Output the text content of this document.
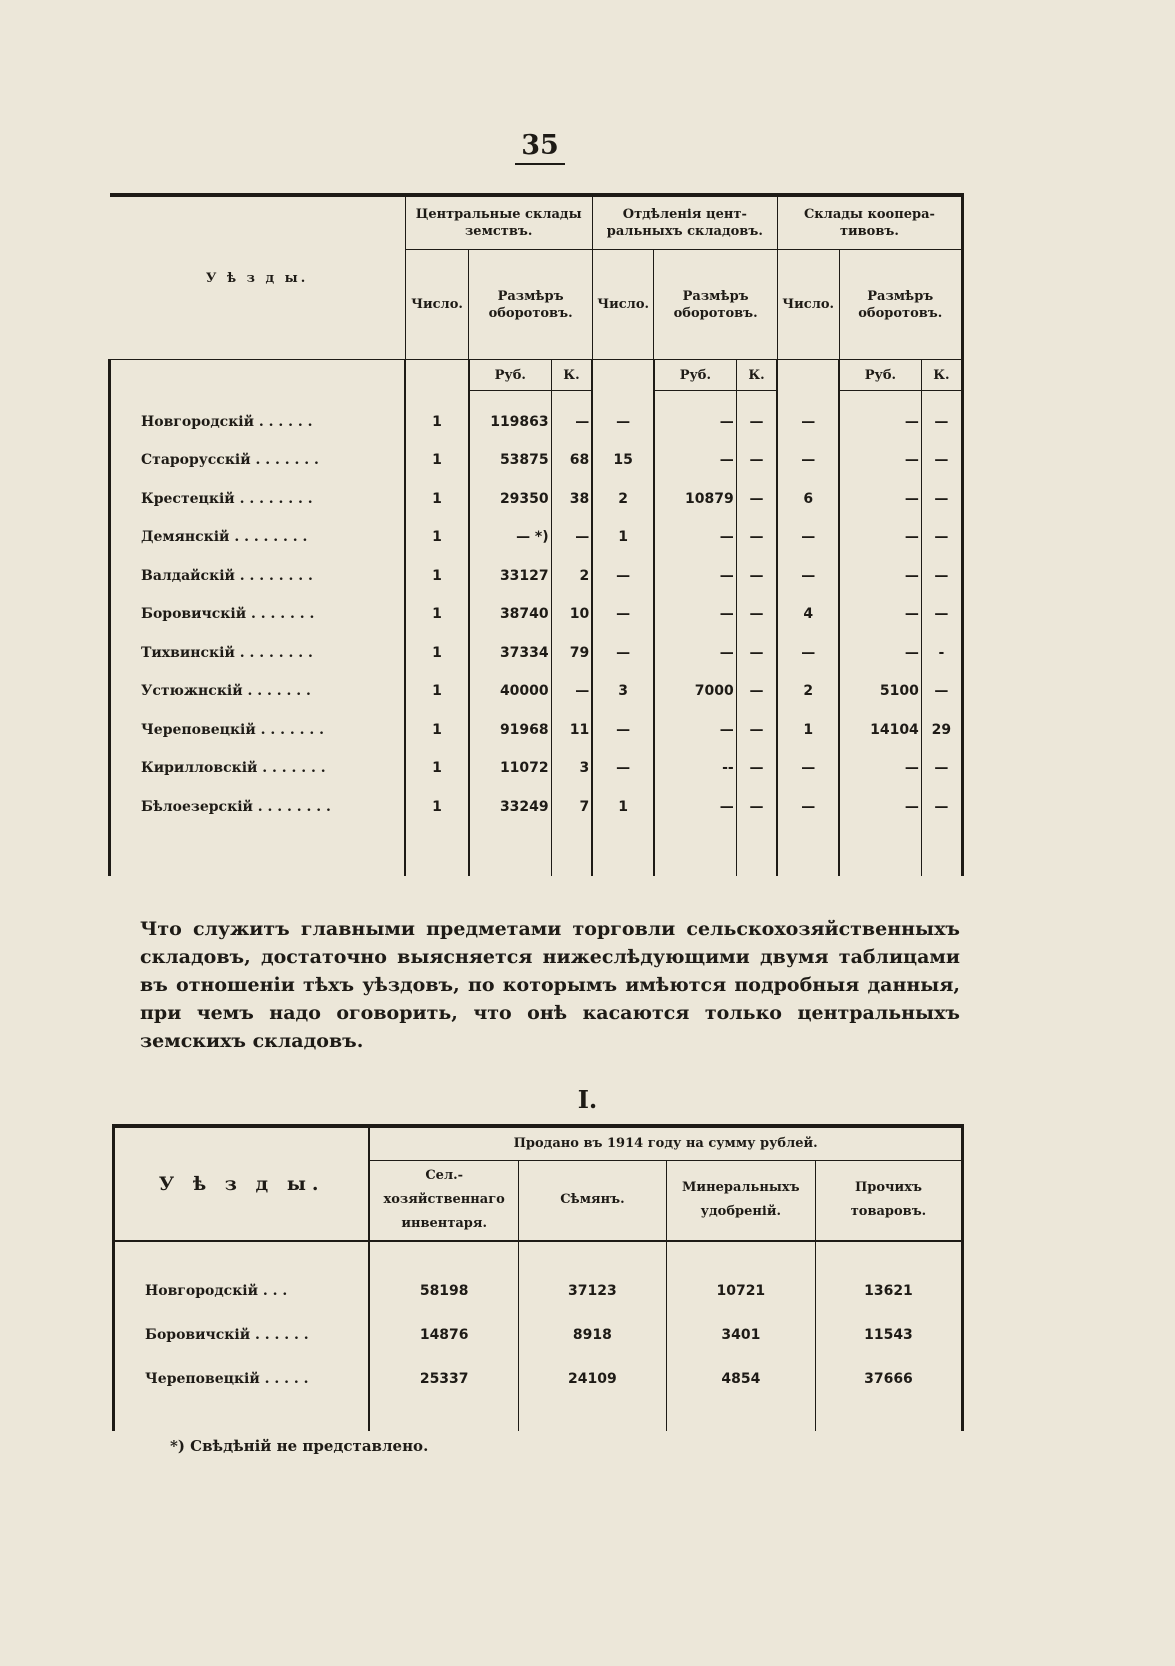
35
У ѣ з д ы.	Центральные склады земствъ.			Отдѣленія цент-ральныхъ складовъ.			Склады коопера-тивовъ.		
	Число.	Размѣръ оборотовъ.		Число.	Размѣръ оборотовъ.		Число.	Размѣръ оборотовъ.	
		Руб.	К.		Руб.	К.		Руб.	К.

Новгородскій . . . . . .	1	119863	—	—	—	—	—	—	—
Старорусскій . . . . . . .	1	53875	68	15	—	—	—	—	—
Крестецкій . . . . . . . .	1	29350	38	2	10879	—	6	—	—
Демянскій . . . . . . . .	1	— *)	—	1	—	—	—	—	—
Валдайскій . . . . . . . .	1	33127	2	—	—	—	—	—	—
Боровичскій . . . . . . .	1	38740	10	—	—	—	4	—	—
Тихвинскій . . . . . . . .	1	37334	79	—	—	—	—	—	-
Устюжнскій . . . . . . .	1	40000	—	3	7000	—	2	5100	—
Череповецкій . . . . . . .	1	91968	11	—	—	—	1	14104	29
Кирилловскій . . . . . . .	1	11072	3	—	--	—	—	—	—
Бѣлоезерскій . . . . . . . .	1	33249	7	1	—	—	—	—	—

Что служитъ главными предметами торговли сельскохозяйственныхъ складовъ, достаточно выясняется нижеслѣдующими двумя таблицами въ отношеніи тѣхъ уѣздовъ, по которымъ имѣются подробныя данныя, при чемъ надо оговорить, что онѣ касаются только центральныхъ земскихъ складовъ.
I.
У ѣ з д ы.	Продано въ 1914 году на сумму рублей.			
	Сел.-хозяйственнаго инвентаря.	Сѣмянъ.	Минеральныхъ удобреній.	Прочихъ товаровъ.

Новгородскій . . .	58198	37123	10721	13621
Боровичскій . . . . . .	14876	8918	3401	11543
Череповецкій . . . . .	25337	24109	4854	37666

*) Свѣдѣній не представлено.
